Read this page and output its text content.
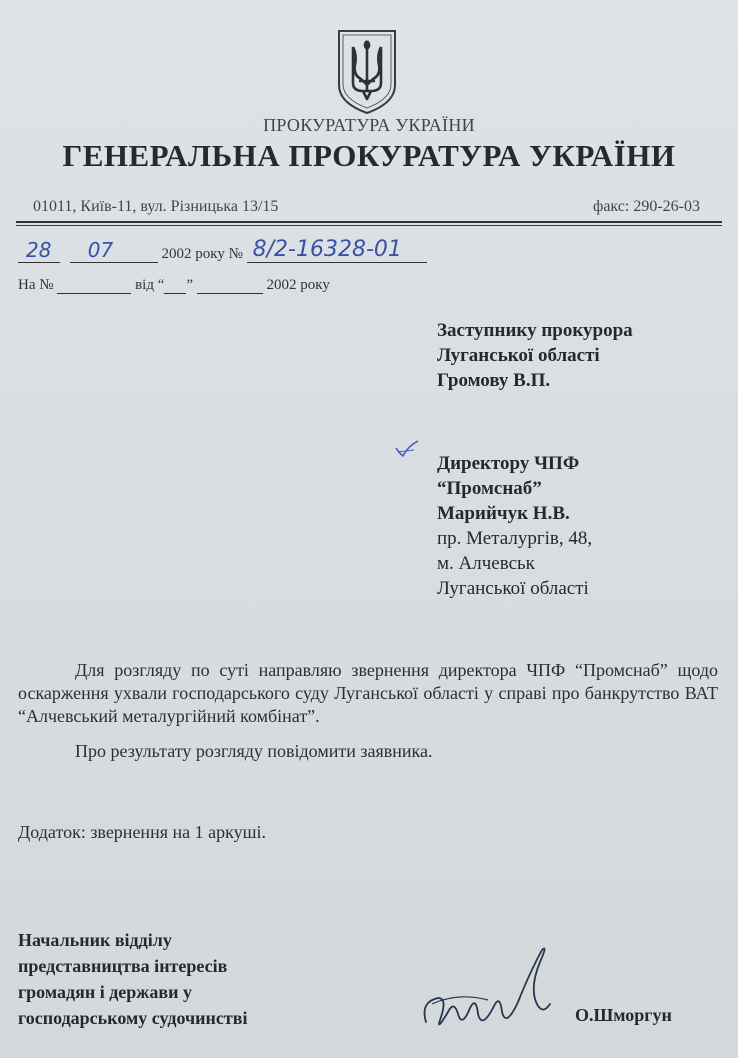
ПРОКУРАТУРА УКРАЇНИ
ГЕНЕРАЛЬНА ПРОКУРАТУРА УКРАЇНИ
01011, Київ-11, вул. Різницька 13/15	факс: 290-26-03
28
07	2002 року № 8/2-16328-01
На №	від “ ”	2002 року
Заступнику прокурора
Луганської області
Громову В.П.
Директору ЧПФ
“Промснаб”
Марийчук Н.В.
пр. Металургів, 48,
м. Алчевськ
Луганської області

Для розгляду по суті направляю звернення директора ЧПФ “Промснаб” щодо оскарження ухвали господарського суду Луганської області у справі про банкрутство ВАТ “Алчевський металургійний комбінат”.

Про результату розгляду повідомити заявника.

Додаток: звернення на 1 аркуші.
Начальник відділу
представництва інтересів
громадян і держави у
господарському судочинстві	О.Шморгун
